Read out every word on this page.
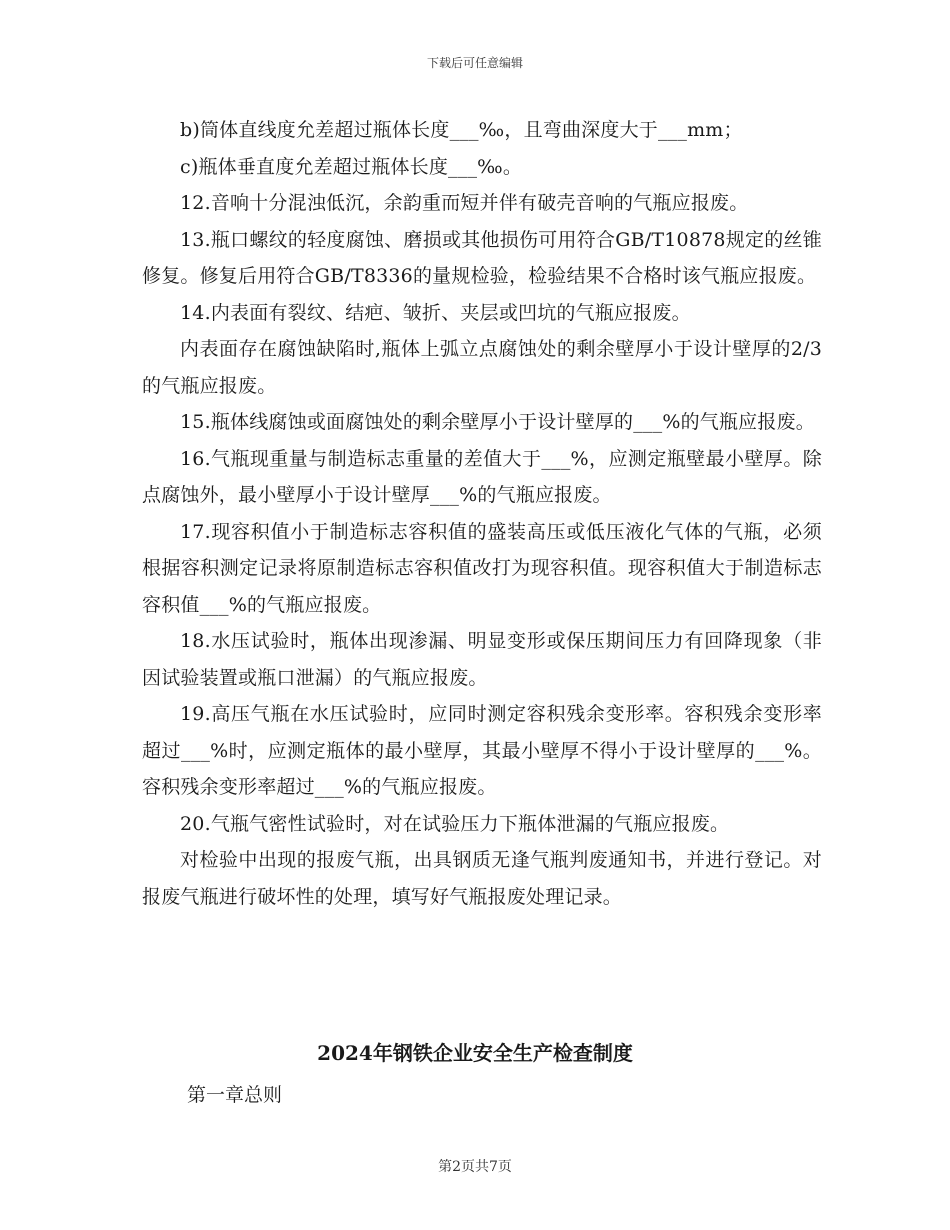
下载后可任意编辑

b)筒体直线度允差超过瓶体长度___‰，且弯曲深度大于___mm；

c)瓶体垂直度允差超过瓶体长度___‰。

12.音响十分混浊低沉，余韵重而短并伴有破壳音响的气瓶应报废。

13.瓶口螺纹的轻度腐蚀、磨损或其他损伤可用符合GB/T10878规定的丝锥修复。修复后用符合GB/T8336的量规检验，检验结果不合格时该气瓶应报废。

14.内表面有裂纹、结疤、皱折、夹层或凹坑的气瓶应报废。

内表面存在腐蚀缺陷时,瓶体上弧立点腐蚀处的剩余壁厚小于设计壁厚的2/3的气瓶应报废。

15.瓶体线腐蚀或面腐蚀处的剩余壁厚小于设计壁厚的___%的气瓶应报废。

16.气瓶现重量与制造标志重量的差值大于___%，应测定瓶壁最小壁厚。除点腐蚀外，最小壁厚小于设计壁厚___%的气瓶应报废。

17.现容积值小于制造标志容积值的盛装高压或低压液化气体的气瓶，必须根据容积测定记录将原制造标志容积值改打为现容积值。现容积值大于制造标志容积值___%的气瓶应报废。

18.水压试验时，瓶体出现渗漏、明显变形或保压期间压力有回降现象（非因试验装置或瓶口泄漏）的气瓶应报废。

19.高压气瓶在水压试验时，应同时测定容积残余变形率。容积残余变形率超过___%时，应测定瓶体的最小壁厚，其最小壁厚不得小于设计壁厚的___%。容积残余变形率超过___%的气瓶应报废。

20.气瓶气密性试验时，对在试验压力下瓶体泄漏的气瓶应报废。

对检验中出现的报废气瓶，出具钢质无逢气瓶判废通知书，并进行登记。对报废气瓶进行破坏性的处理，填写好气瓶报废处理记录。

2024年钢铁企业安全生产检查制度
第一章总则
第2页共7页
